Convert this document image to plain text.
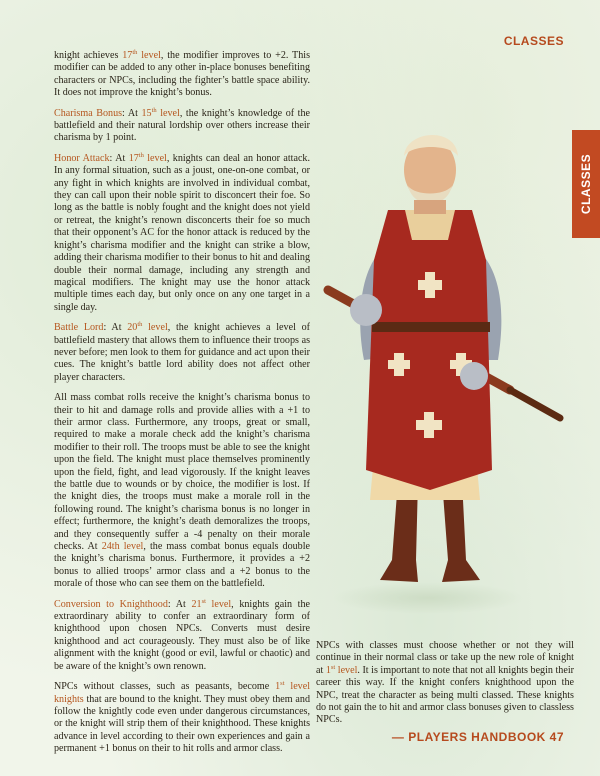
CLASSES
CLASSES

knight achieves 17th level, the modifier improves to +2. This modifier can be added to any other in-place bonuses benefiting characters or NPCs, including the fighter’s battle space ability. It does not improve the knight’s bonus.

Charisma Bonus: At 15th level, the knight’s knowledge of the battlefield and their natural lordship over others increase their charisma by 1 point.

Honor Attack: At 17th level, knights can deal an honor attack. In any formal situation, such as a joust, one-on-one combat, or any fight in which knights are involved in individual combat, they can call upon their noble spirit to disconcert their foe. So long as the battle is nobly fought and the knight does not yield or retreat, the knight’s renown disconcerts their foe so much that their opponent’s AC for the honor attack is reduced by the knight’s charisma modifier and the knight can strike a blow, adding their charisma modifier to their bonus to hit and dealing double their normal damage, including any strength and magical modifiers. The knight may use the honor attack multiple times each day, but only once on any one target in a single day.

Battle Lord: At 20th level, the knight achieves a level of battlefield mastery that allows them to influence their troops as never before; men look to them for guidance and act upon their cues. The knight’s battle lord ability does not affect other player characters.

All mass combat rolls receive the knight’s charisma bonus to their to hit and damage rolls and provide allies with a +1 to their armor class. Furthermore, any troops, great or small, required to make a morale check add the knight’s charisma modifier to their roll. The troops must be able to see the knight upon the field. The knight must place themselves prominently upon the field, fight, and lead vigorously. If the knight leaves the battle due to wounds or by choice, the modifier is lost. If the knight dies, the troops must make a morale roll in the following round. The knight’s charisma bonus is no longer in effect; furthermore, the knight’s death demoralizes the troops, and they consequently suffer a -4 penalty on their morale checks. At 24th level, the mass combat bonus equals double the knight’s charisma bonus. Furthermore, it provides a +2 bonus to allied troops’ armor class and a +2 bonus to the morale of those who can see them on the battlefield.

Conversion to Knighthood: At 21st level, knights gain the extraordinary ability to confer an extraordinary form of knighthood upon chosen NPCs. Converts must desire knighthood and act courageously. They must also be of like alignment with the knight (good or evil, lawful or chaotic) and be aware of the knight’s own renown.

NPCs without classes, such as peasants, become 1st level knights that are bound to the knight. They must obey them and follow the knightly code even under dangerous circumstances, or the knight will strip them of their knighthood. These knights advance in level according to their own experiences and gain a permanent +1 bonus on their to hit rolls and armor class.

NPCs with classes must choose whether or not they will continue in their normal class or take up the new role of knight at 1st level. It is important to note that not all knights begin their career this way. If the knight confers knighthood upon the NPC, treat the character as being multi classed. These knights do not gain the to hit and armor class bonuses given to classless NPCs.

— PLAYERS HANDBOOK 47
